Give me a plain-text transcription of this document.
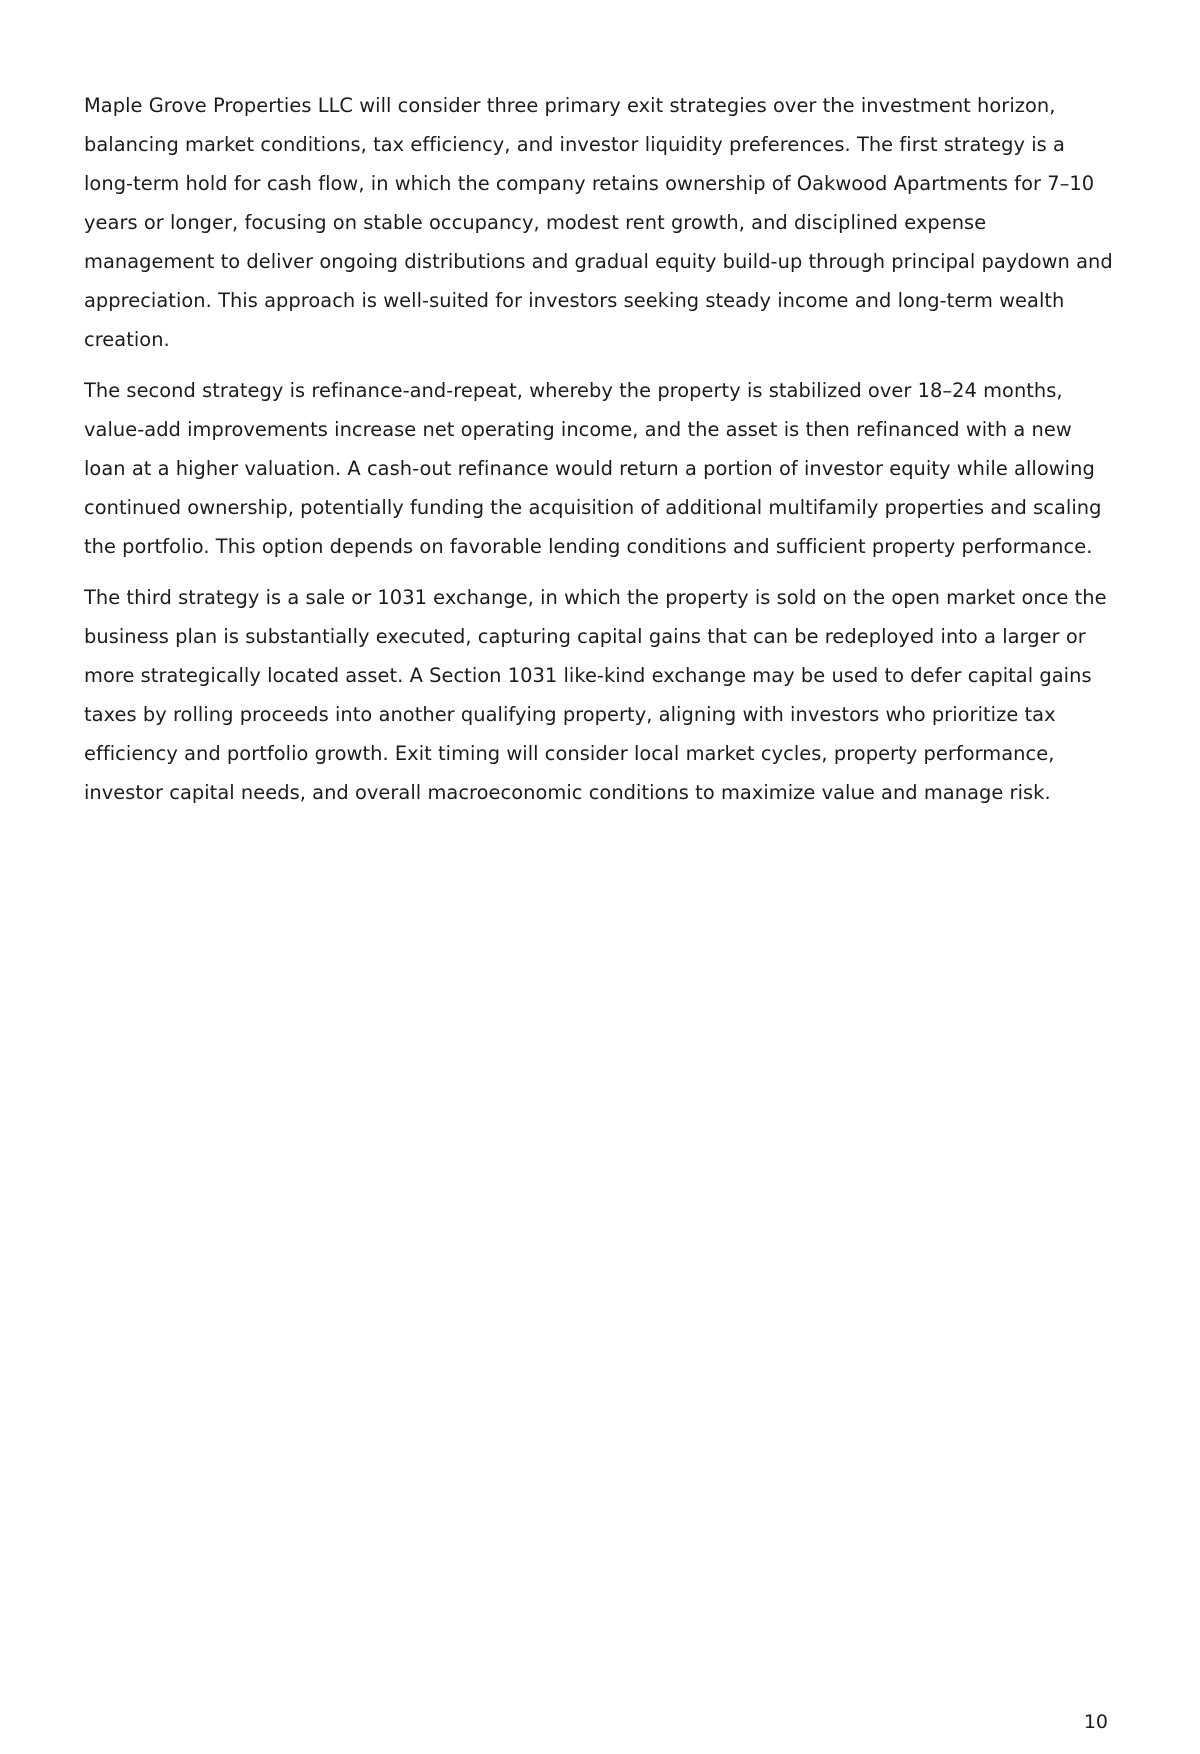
Maple Grove Properties LLC will consider three primary exit strategies over the investment horizon, balancing market conditions, tax efficiency, and investor liquidity preferences. The first strategy is a long-term hold for cash flow, in which the company retains ownership of Oakwood Apartments for 7–10 years or longer, focusing on stable occupancy, modest rent growth, and disciplined expense management to deliver ongoing distributions and gradual equity build-up through principal paydown and appreciation. This approach is well-suited for investors seeking steady income and long-term wealth creation.

The second strategy is refinance-and-repeat, whereby the property is stabilized over 18–24 months, value-add improvements increase net operating income, and the asset is then refinanced with a new loan at a higher valuation. A cash-out refinance would return a portion of investor equity while allowing continued ownership, potentially funding the acquisition of additional multifamily properties and scaling the portfolio. This option depends on favorable lending conditions and sufficient property performance.

The third strategy is a sale or 1031 exchange, in which the property is sold on the open market once the business plan is substantially executed, capturing capital gains that can be redeployed into a larger or more strategically located asset. A Section 1031 like-kind exchange may be used to defer capital gains taxes by rolling proceeds into another qualifying property, aligning with investors who prioritize tax efficiency and portfolio growth. Exit timing will consider local market cycles, property performance, investor capital needs, and overall macroeconomic conditions to maximize value and manage risk.

10
